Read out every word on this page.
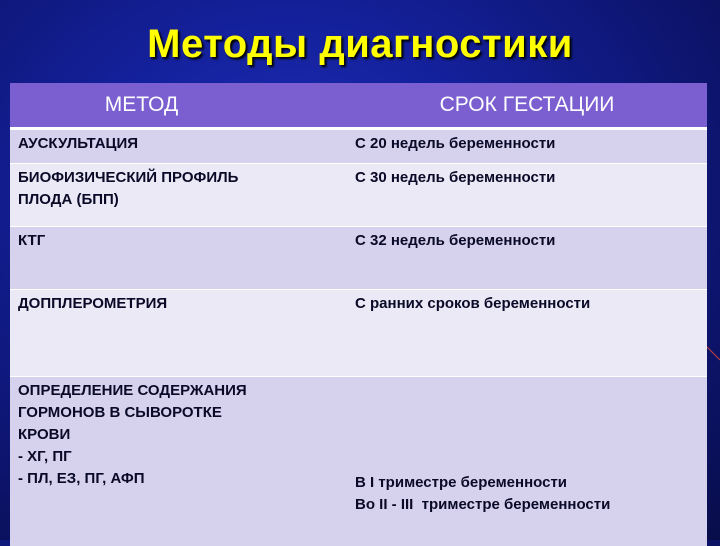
Методы диагностики
МЕТОД	СРОК ГЕСТАЦИИ

АУСКУЛЬТАЦИЯ	С 20 недель беременности

БИОФИЗИЧЕСКИЙ ПРОФИЛЬ
ПЛОДА (БПП)	С 30 недель беременности

КТГ	С 32 недель беременности

ДОППЛЕРОМЕТРИЯ	С ранних сроков беременности

ОПРЕДЕЛЕНИЕ СОДЕРЖАНИЯ
ГОРМОНОВ В СЫВОРОТКЕ
КРОВИ
- ХГ, ПГ
- ПЛ, ЕЗ, ПГ, АФП	В I триместре беременности
Во II - III  триместре беременности
